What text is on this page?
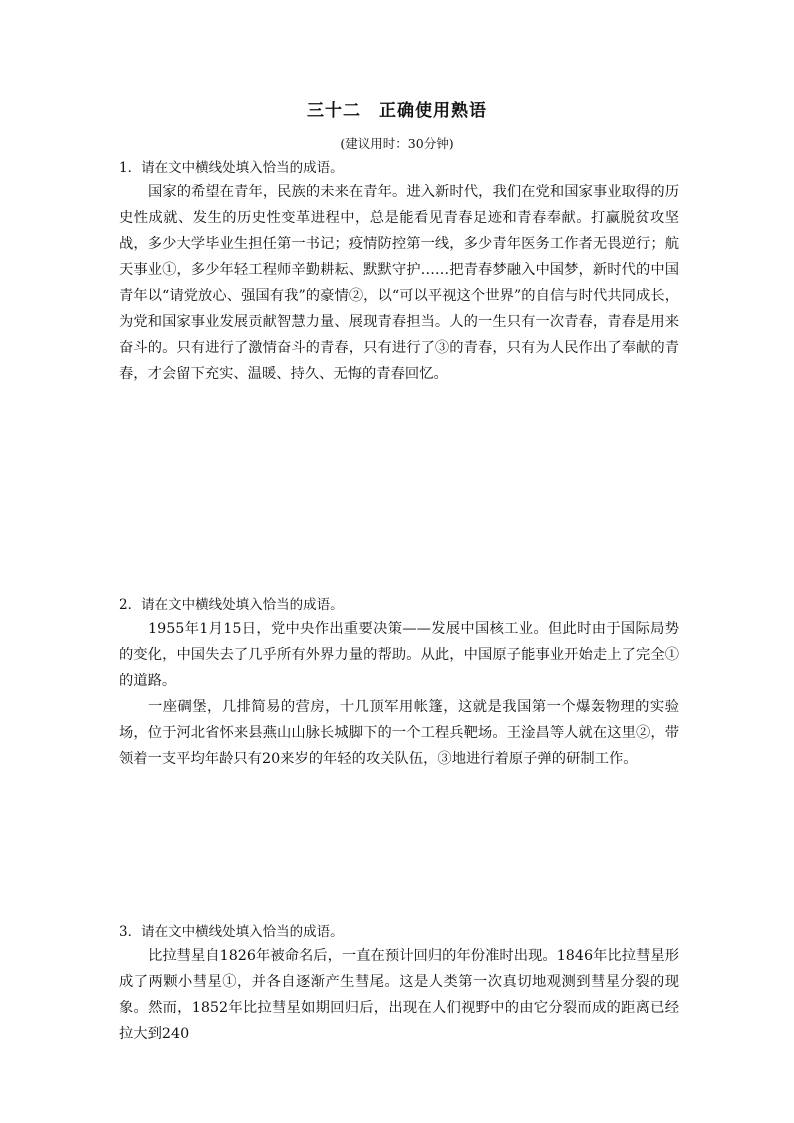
三十二　正确使用熟语
(建议用时：30分钟)

1．请在文中横线处填入恰当的成语。

国家的希望在青年，民族的未来在青年。进入新时代，我们在党和国家事业取得的历史性成就、发生的历史性变革进程中，总是能看见青春足迹和青春奉献。打赢脱贫攻坚战，多少大学毕业生担任第一书记；疫情防控第一线，多少青年医务工作者无畏逆行；航天事业①，多少年轻工程师辛勤耕耘、默默守护……把青春梦融入中国梦，新时代的中国青年以“请党放心、强国有我”的豪情②，以“可以平视这个世界”的自信与时代共同成长，为党和国家事业发展贡献智慧力量、展现青春担当。人的一生只有一次青春，青春是用来奋斗的。只有进行了激情奋斗的青春，只有进行了③的青春，只有为人民作出了奉献的青春，才会留下充实、温暖、持久、无悔的青春回忆。

2．请在文中横线处填入恰当的成语。

1955年1月15日，党中央作出重要决策——发展中国核工业。但此时由于国际局势的变化，中国失去了几乎所有外界力量的帮助。从此，中国原子能事业开始走上了完全①的道路。

一座碉堡，几排简易的营房，十几顶军用帐篷，这就是我国第一个爆轰物理的实验场，位于河北省怀来县燕山山脉长城脚下的一个工程兵靶场。王淦昌等人就在这里②，带领着一支平均年龄只有20来岁的年轻的攻关队伍，③地进行着原子弹的研制工作。

3．请在文中横线处填入恰当的成语。

比拉彗星自1826年被命名后，一直在预计回归的年份准时出现。1846年比拉彗星形成了两颗小彗星①，并各自逐渐产生彗尾。这是人类第一次真切地观测到彗星分裂的现象。然而，1852年比拉彗星如期回归后，出现在人们视野中的由它分裂而成的距离已经拉大到240
